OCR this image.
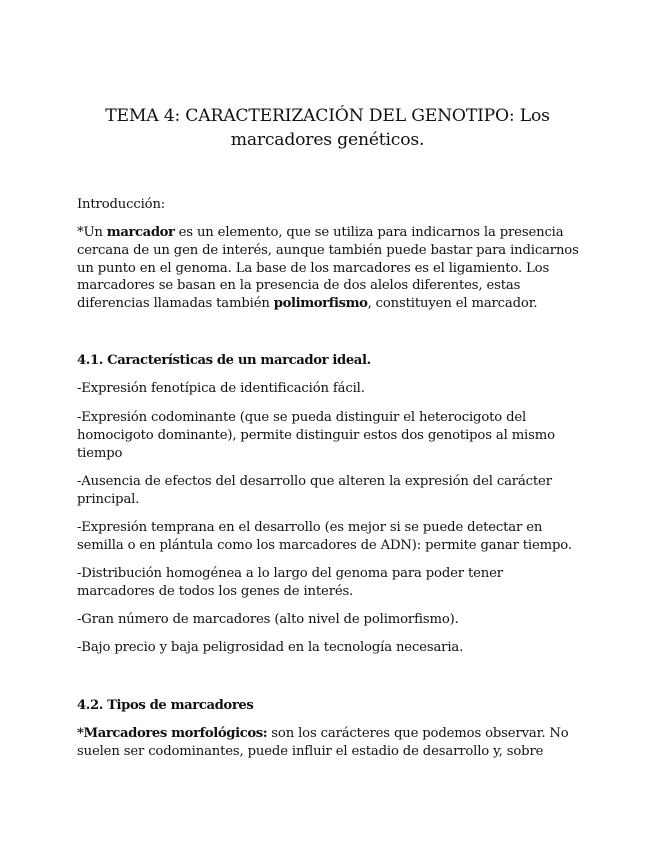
TEMA 4: CARACTERIZACIÓN DEL GENOTIPO: Los
marcadores genéticos.

Introducción:

*Un marcador es un elemento, que se utiliza para indicarnos la presencia cercana de un gen de interés, aunque también puede bastar para indicarnos un punto en el genoma. La base de los marcadores es el ligamiento. Los marcadores se basan en la presencia de dos alelos diferentes, estas diferencias llamadas también polimorfismo, constituyen el marcador.

4.1. Características de un marcador ideal.

-Expresión fenotípica de identificación fácil.

-Expresión codominante (que se pueda distinguir el heterocigoto del homocigoto dominante), permite distinguir estos dos genotipos al mismo tiempo

-Ausencia de efectos del desarrollo que alteren la expresión del carácter principal.

-Expresión temprana en el desarrollo (es mejor si se puede detectar en semilla o en plántula como los marcadores de ADN): permite ganar tiempo.

-Distribución homogénea a lo largo del genoma para poder tener marcadores de todos los genes de interés.

-Gran número de marcadores (alto nivel de polimorfismo).

-Bajo precio y baja peligrosidad en la tecnología necesaria.

4.2. Tipos de marcadores

*Marcadores morfológicos: son los carácteres que podemos observar. No suelen ser codominantes, puede influir el estadio de desarrollo y, sobre
